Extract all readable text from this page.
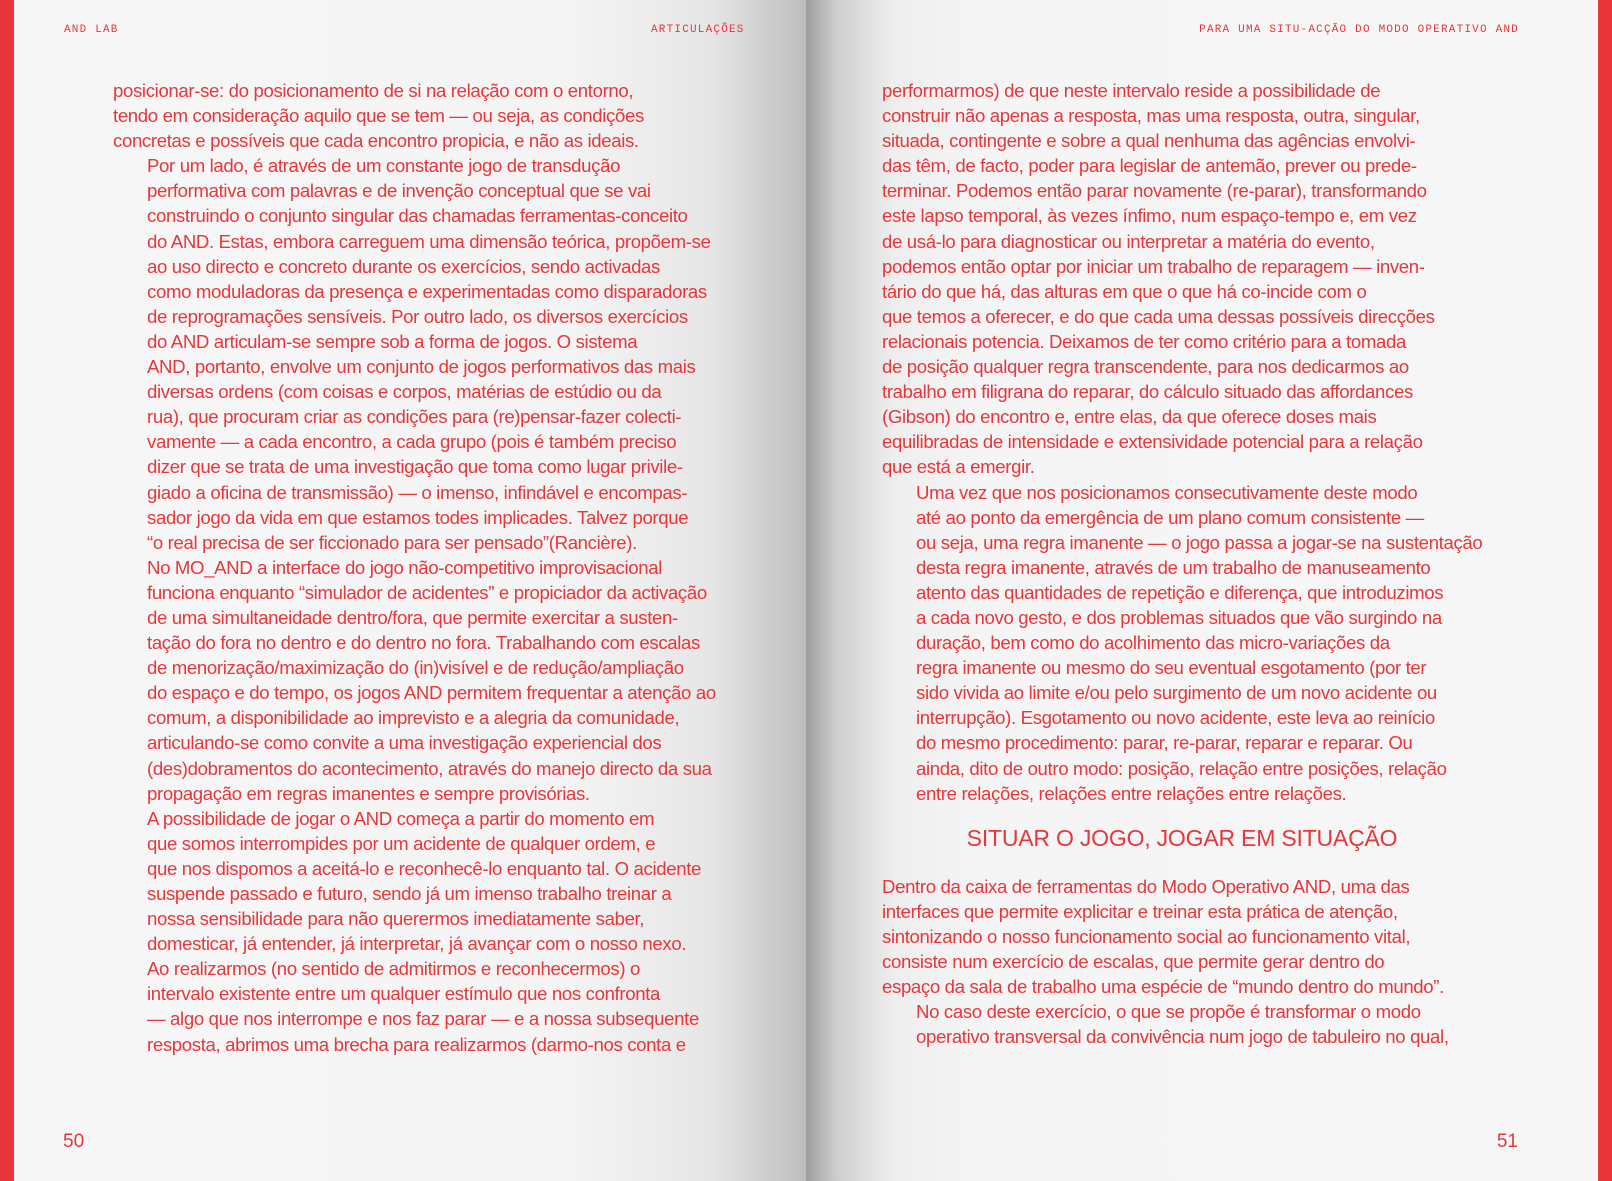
AND LAB	ARTICULAÇÕES

posicionar-se: do posicionamento de si na relação com o entorno,
tendo em consideração aquilo que se tem — ou seja, as condições
concretas e possíveis que cada encontro propicia, e não as ideais.

Por um lado, é através de um constante jogo de transdução
performativa com palavras e de invenção conceptual que se vai
construindo o conjunto singular das chamadas ferramentas-conceito
do AND. Estas, embora carreguem uma dimensão teórica, propõem-se
ao uso directo e concreto durante os exercícios, sendo activadas
como moduladoras da presença e experimentadas como disparadoras
de reprogramações sensíveis. Por outro lado, os diversos exercícios
do AND articulam-se sempre sob a forma de jogos. O sistema
AND, portanto, envolve um conjunto de jogos performativos das mais
diversas ordens (com coisas e corpos, matérias de estúdio ou da
rua), que procuram criar as condições para (re)pensar-fazer colecti-
vamente — a cada encontro, a cada grupo (pois é também preciso
dizer que se trata de uma investigação que toma como lugar privile-
giado a oficina de transmissão) — o imenso, infindável e encompas-
sador jogo da vida em que estamos todes implicades. Talvez porque
“o real precisa de ser ficcionado para ser pensado”(Rancière).

No MO_AND a interface do jogo não-competitivo improvisacional
funciona enquanto “simulador de acidentes” e propiciador da activação
de uma simultaneidade dentro/fora, que permite exercitar a susten-
tação do fora no dentro e do dentro no fora. Trabalhando com escalas
de menorização/maximização do (in)visível e de redução/ampliação
do espaço e do tempo, os jogos AND permitem frequentar a atenção ao
comum, a disponibilidade ao imprevisto e a alegria da comunidade,
articulando-se como convite a uma investigação experiencial dos
(des)dobramentos do acontecimento, através do manejo directo da sua
propagação em regras imanentes e sempre provisórias.

A possibilidade de jogar o AND começa a partir do momento em
que somos interrompides por um acidente de qualquer ordem, e
que nos dispomos a aceitá-lo e reconhecê-lo enquanto tal. O acidente
suspende passado e futuro, sendo já um imenso trabalho treinar a
nossa sensibilidade para não querermos imediatamente saber,
domesticar, já entender, já interpretar, já avançar com o nosso nexo.
Ao realizarmos (no sentido de admitirmos e reconhecermos) o
intervalo existente entre um qualquer estímulo que nos confronta
— algo que nos interrompe e nos faz parar — e a nossa subsequente
resposta, abrimos uma brecha para realizarmos (darmo-nos conta e

50
PARA UMA SITU-ACÇÃO DO MODO OPERATIVO AND

performarmos) de que neste intervalo reside a possibilidade de
construir não apenas a resposta, mas uma resposta, outra, singular,
situada, contingente e sobre a qual nenhuma das agências envolvi-
das têm, de facto, poder para legislar de antemão, prever ou prede-
terminar. Podemos então parar novamente (re-parar), transformando
este lapso temporal, às vezes ínfimo, num espaço-tempo e, em vez
de usá-lo para diagnosticar ou interpretar a matéria do evento,
podemos então optar por iniciar um trabalho de reparagem — inven-
tário do que há, das alturas em que o que há co-incide com o
que temos a oferecer, e do que cada uma dessas possíveis direcções
relacionais potencia. Deixamos de ter como critério para a tomada
de posição qualquer regra transcendente, para nos dedicarmos ao
trabalho em filigrana do reparar, do cálculo situado das affordances
(Gibson) do encontro e, entre elas, da que oferece doses mais
equilibradas de intensidade e extensividade potencial para a relação
que está a emergir.

Uma vez que nos posicionamos consecutivamente deste modo
até ao ponto da emergência de um plano comum consistente —
ou seja, uma regra imanente — o jogo passa a jogar-se na sustentação
desta regra imanente, através de um trabalho de manuseamento
atento das quantidades de repetição e diferença, que introduzimos
a cada novo gesto, e dos problemas situados que vão surgindo na
duração, bem como do acolhimento das micro-variações da
regra imanente ou mesmo do seu eventual esgotamento (por ter
sido vivida ao limite e/ou pelo surgimento de um novo acidente ou
interrupção). Esgotamento ou novo acidente, este leva ao reinício
do mesmo procedimento: parar, re-parar, reparar e reparar. Ou
ainda, dito de outro modo: posição, relação entre posições, relação
entre relações, relações entre relações entre relações.

SITUAR O JOGO, JOGAR EM SITUAÇÃO

Dentro da caixa de ferramentas do Modo Operativo AND, uma das
interfaces que permite explicitar e treinar esta prática de atenção,
sintonizando o nosso funcionamento social ao funcionamento vital,
consiste num exercício de escalas, que permite gerar dentro do
espaço da sala de trabalho uma espécie de “mundo dentro do mundo”.

No caso deste exercício, o que se propõe é transformar o modo
operativo transversal da convivência num jogo de tabuleiro no qual,

51
